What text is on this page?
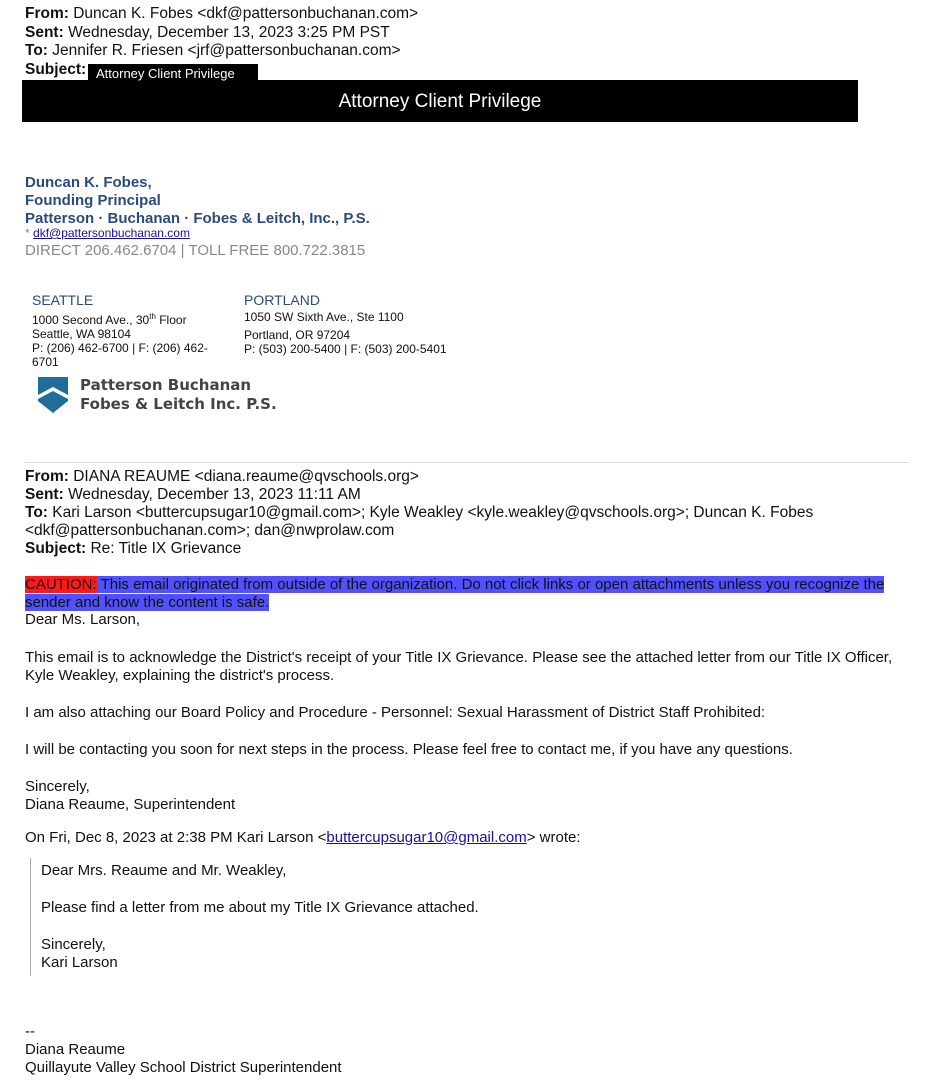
From: Duncan K. Fobes <dkf@pattersonbuchanan.com>
Sent: Wednesday, December 13, 2023 3:25 PM PST
To: Jennifer R. Friesen <jrf@pattersonbuchanan.com>
Subject:
Attorney Client Privilege
Attorney Client Privilege
Duncan K. Fobes,
Founding Principal
Patterson · Buchanan · Fobes & Leitch, Inc., P.S.
* dkf@pattersonbuchanan.com
DIRECT 206.462.6704 | TOLL FREE 800.722.3815
SEATTLE
1000 Second Ave., 30th Floor
Seattle, WA 98104
P: (206) 462-6700 | F: (206) 462-
6701
PORTLAND
1050 SW Sixth Ave., Ste 1100
Portland, OR 97204
P: (503) 200-5400 | F: (503) 200-5401
Patterson Buchanan
Fobes & Leitch Inc. P.S.
From: DIANA REAUME <diana.reaume@qvschools.org>
Sent: Wednesday, December 13, 2023 11:11 AM
To: Kari Larson <buttercupsugar10@gmail.com>; Kyle Weakley <kyle.weakley@qvschools.org>; Duncan K. Fobes
<dkf@pattersonbuchanan.com>; dan@nwprolaw.com
Subject: Re: Title IX Grievance
CAUTION: This email originated from outside of the organization. Do not click links or open attachments unless you recognize the sender and know the content is safe.
Dear Ms. Larson,
This email is to acknowledge the District's receipt of your Title IX Grievance. Please see the attached letter from our Title IX Officer,
Kyle Weakley, explaining the district's process.
I am also attaching our Board Policy and Procedure - Personnel: Sexual Harassment of District Staff Prohibited:
I will be contacting you soon for next steps in the process. Please feel free to contact me, if you have any questions.
Sincerely,
Diana Reaume, Superintendent
On Fri, Dec 8, 2023 at 2:38 PM Kari Larson <buttercupsugar10@gmail.com> wrote:
Dear Mrs. Reaume and Mr. Weakley,
Please find a letter from me about my Title IX Grievance attached.
Sincerely,
Kari Larson
--
Diana Reaume
Quillayute Valley School District Superintendent
